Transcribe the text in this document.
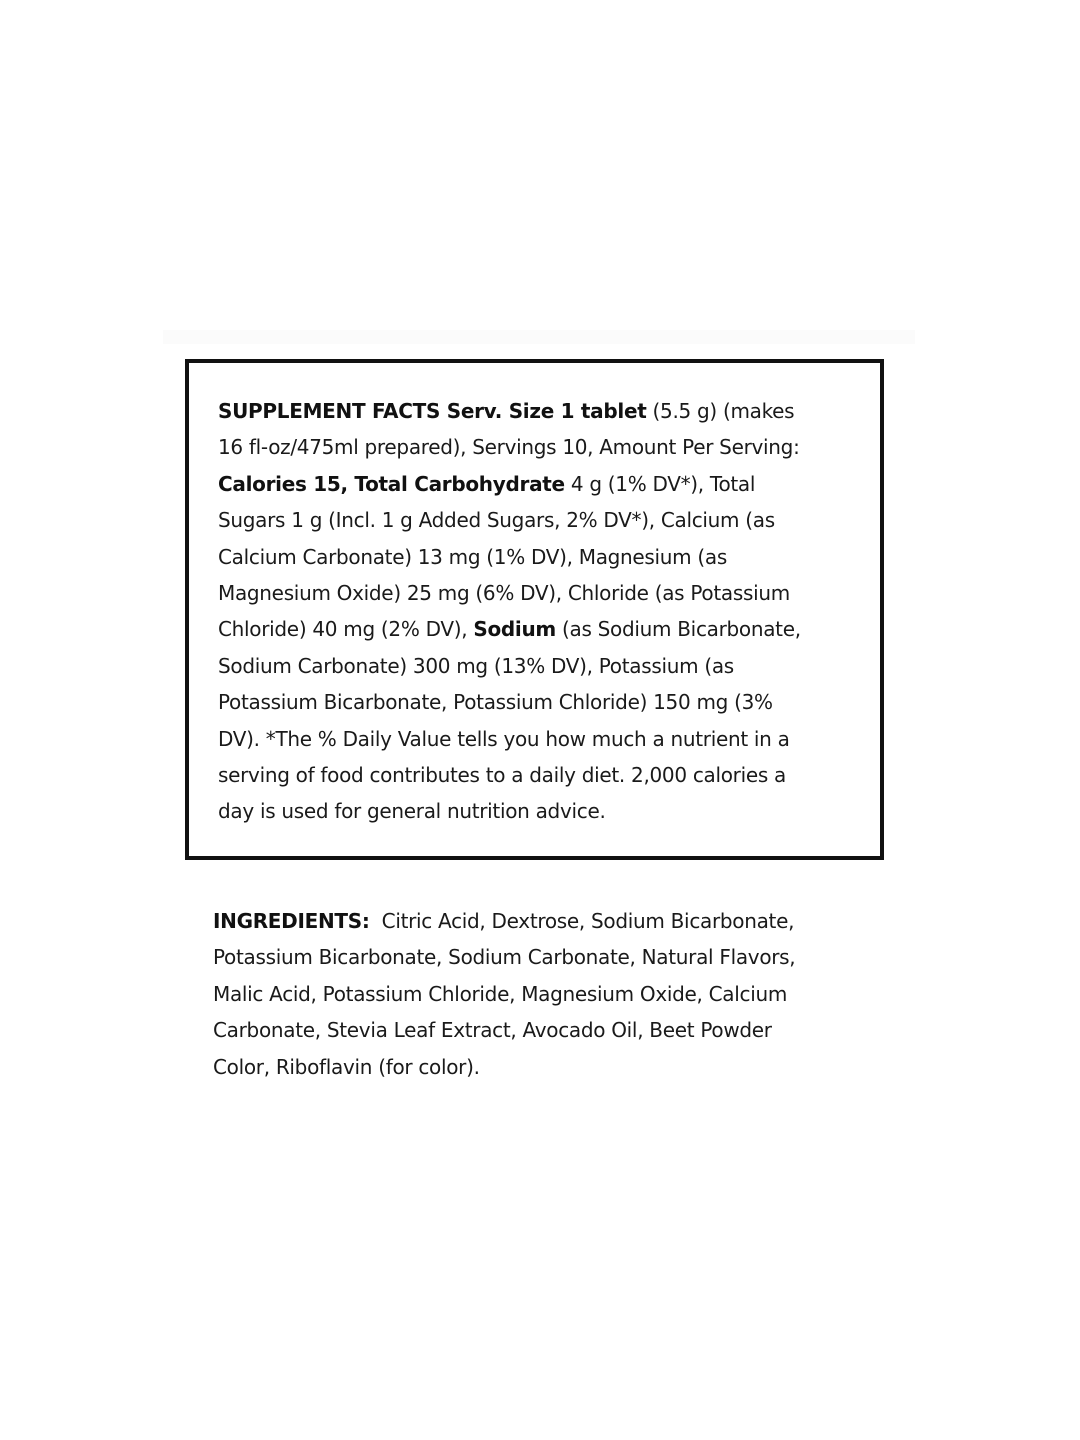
SUPPLEMENT FACTS Serv. Size 1 tablet (5.5 g) (makes
16 fl-oz/475ml prepared), Servings 10, Amount Per Serving:
Calories 15, Total Carbohydrate 4 g (1% DV*), Total
Sugars 1 g (Incl. 1 g Added Sugars, 2% DV*), Calcium (as
Calcium Carbonate) 13 mg (1% DV), Magnesium (as
Magnesium Oxide) 25 mg (6% DV), Chloride (as Potassium
Chloride) 40 mg (2% DV), Sodium (as Sodium Bicarbonate,
Sodium Carbonate) 300 mg (13% DV), Potassium (as
Potassium Bicarbonate, Potassium Chloride) 150 mg (3%
DV). *The % Daily Value tells you how much a nutrient in a
serving of food contributes to a daily diet. 2,000 calories a
day is used for general nutrition advice.
INGREDIENTS:  Citric Acid, Dextrose, Sodium Bicarbonate,
Potassium Bicarbonate, Sodium Carbonate, Natural Flavors,
Malic Acid, Potassium Chloride, Magnesium Oxide, Calcium
Carbonate, Stevia Leaf Extract, Avocado Oil, Beet Powder
Color, Riboflavin (for color).
